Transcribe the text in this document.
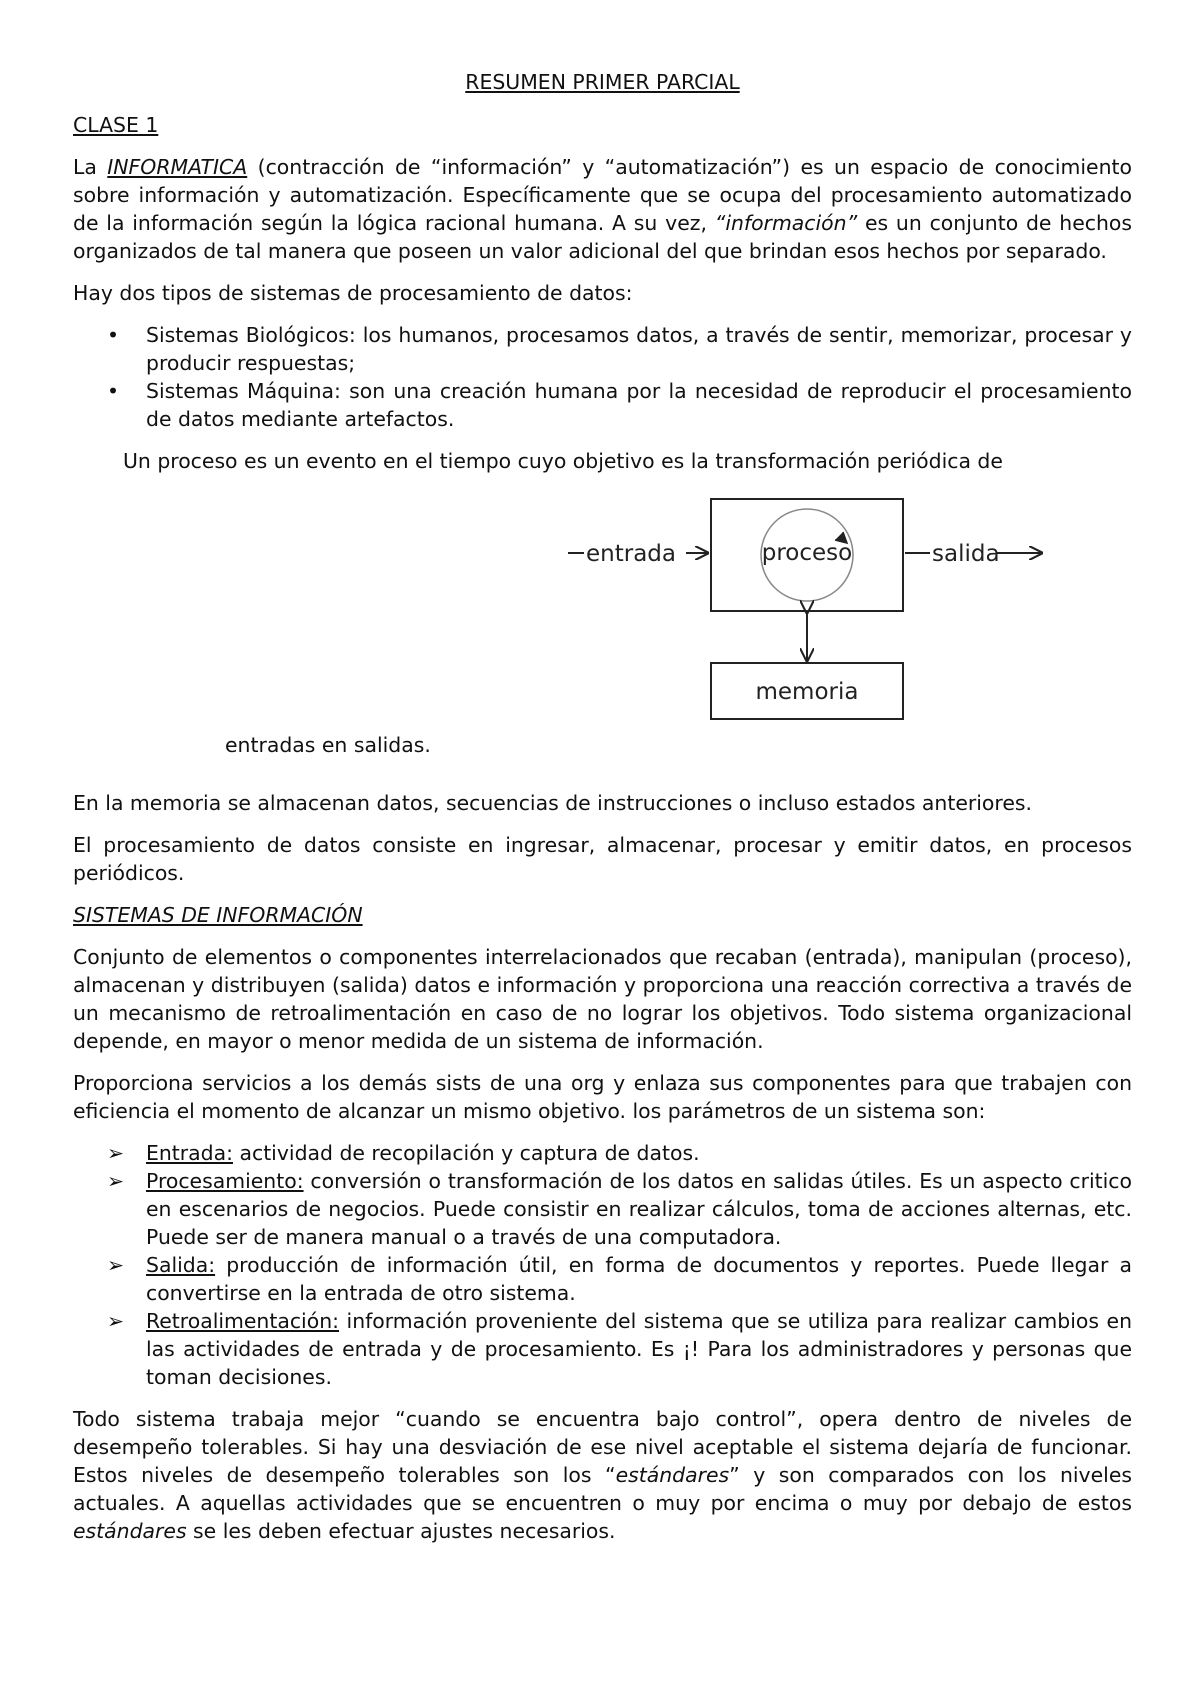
RESUMEN PRIMER PARCIAL
CLASE 1

La INFORMATICA (contracción de “información” y “automatización”) es un espacio de conocimiento sobre información y automatización. Específicamente que se ocupa del procesamiento automatizado de la información según la lógica racional humana. A su vez, “información” es un conjunto de hechos organizados de tal manera que poseen un valor adicional del que brindan esos hechos por separado.

Hay dos tipos de sistemas de procesamiento de datos:

• Sistemas Biológicos: los humanos, procesamos datos, a través de sentir, memorizar, procesar y producir respuestas;
• Sistemas Máquina: son una creación humana por la necesidad de reproducir el procesamiento de datos mediante artefactos.

Un proceso es un evento en el tiempo cuyo objetivo es la transformación periódica de

entrada	proceso	salida
memoria
entradas en salidas.

En la memoria se almacenan datos, secuencias de instrucciones o incluso estados anteriores.

El procesamiento de datos consiste en ingresar, almacenar, procesar y emitir datos, en procesos periódicos.

SISTEMAS DE INFORMACIÓN

Conjunto de elementos o componentes interrelacionados que recaban (entrada), manipulan (proceso), almacenan y distribuyen (salida) datos e información y proporciona una reacción correctiva a través de un mecanismo de retroalimentación en caso de no lograr los objetivos. Todo sistema organizacional depende, en mayor o menor medida de un sistema de información.

Proporciona servicios a los demás sists de una org y enlaza sus componentes para que trabajen con eficiencia el momento de alcanzar un mismo objetivo. los parámetros de un sistema son:

➢ Entrada: actividad de recopilación y captura de datos.
➢ Procesamiento: conversión o transformación de los datos en salidas útiles. Es un aspecto critico en escenarios de negocios. Puede consistir en realizar cálculos, toma de acciones alternas, etc. Puede ser de manera manual o a través de una computadora.
➢ Salida: producción de información útil, en forma de documentos y reportes. Puede llegar a convertirse en la entrada de otro sistema.
➢ Retroalimentación: información proveniente del sistema que se utiliza para realizar cambios en las actividades de entrada y de procesamiento. Es ¡! Para los administradores y personas que toman decisiones.

Todo sistema trabaja mejor “cuando se encuentra bajo control”, opera dentro de niveles de desempeño tolerables. Si hay una desviación de ese nivel aceptable el sistema dejaría de funcionar. Estos niveles de desempeño tolerables son los “estándares” y son comparados con los niveles actuales. A aquellas actividades que se encuentren o muy por encima o muy por debajo de estos estándares se les deben efectuar ajustes necesarios.
